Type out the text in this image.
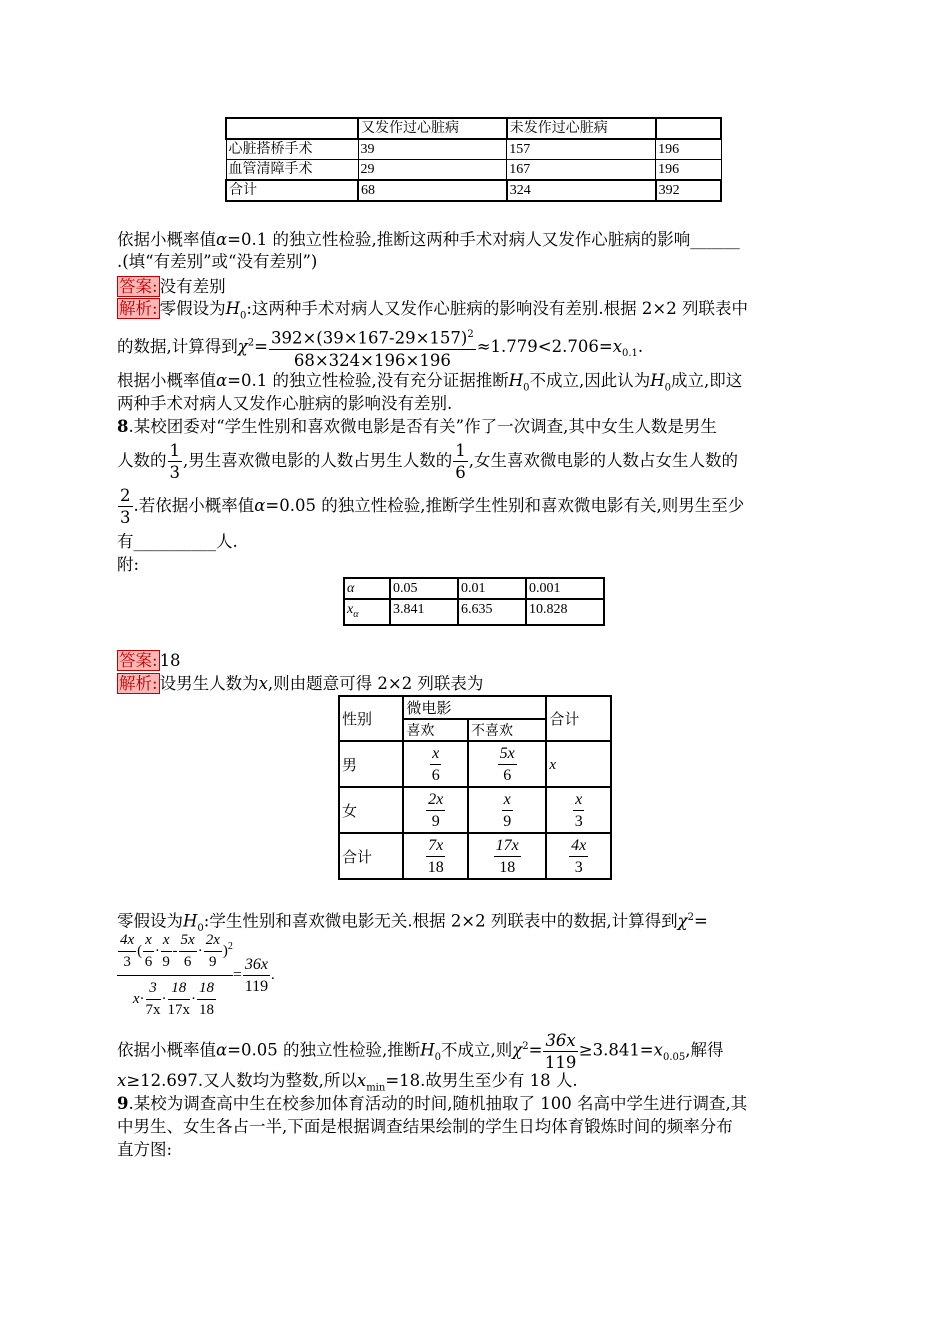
	又发作过心脏病	未发作过心脏病	
心脏搭桥手术	39	157	196
血管清障手术	29	167	196
合计	68	324	392
依据小概率值α=0.1 的独立性检验,推断这两种手术对病人又发作心脏病的影响______
.(填“有差别”或“没有差别”)
答案: 没有差别
解析: 零假设为$H_0$:这两种手术对病人又发作心脏病的影响没有差别.根据 2×2 列联表中
的数据,计算得到$\chi^2= \frac{392\times(39\times 167-29\times 157)^2}{68\times 324\times 196\times 196} \approx 1.779<2.706=x_{0.1}$.
根据小概率值α=0.1 的独立性检验,没有充分证据推断$H_0$不成立,因此认为$H_0$成立,即这
两种手术对病人又发作心脏病的影响没有差别.
8.某校团委对“学生性别和喜欢微电影是否有关”作了一次调查,其中女生人数是男生
人数的 $\frac{1}{3}$ ,男生喜欢微电影的人数占男生人数的 $\frac{1}{6}$ ,女生喜欢微电影的人数占女生人数的
$\frac{2}{3}$ .若依据小概率值α=0.05 的独立性检验,推断学生性别和喜欢微电影有关,则男生至少
有__________人.
附:
α	0.05	0.01	0.001
$x_\alpha$	3.841	6.635	10.828
答案: 18
解析: 设男生人数为x,则由题意可得 2×2 列联表为
性别	微电影		合计
	喜欢	不喜欢	
男	$\frac{x}{6}$	$\frac{5x}{6}$	x
女	$\frac{2x}{9}$	$\frac{x}{9}$	$\frac{x}{3}$

合计	$\frac{7x}{18}$	$\frac{17x}{18}$	$\frac{4x}{3}$
零假设为$H_0$:学生性别和喜欢微电影无关.根据 2×2 列联表中的数据,计算得到$\chi^2=$
$\frac{\frac{4x}{3} ( \frac{x}{6} \cdot \frac{x}{9} - \frac{5x}{6} \cdot \frac{2x}{9} )^2}{x\cdot \frac{3}{7x} \cdot \frac{18}{17x} \cdot \frac{18}{18}} = \frac{36x}{119}$ .
依据小概率值α=0.05 的独立性检验,推断$H_0$不成立,则$\chi^2= \frac{36x}{119} \ge 3.841=x_{0.05}$,解得
x≥12.697.又人数均为整数,所以$x_{min}=18$.故男生至少有 18 人.
9.某校为调查高中生在校参加体育活动的时间,随机抽取了 100 名高中学生进行调查,其
中男生、女生各占一半,下面是根据调查结果绘制的学生日均体育锻炼时间的频率分布
直方图:
